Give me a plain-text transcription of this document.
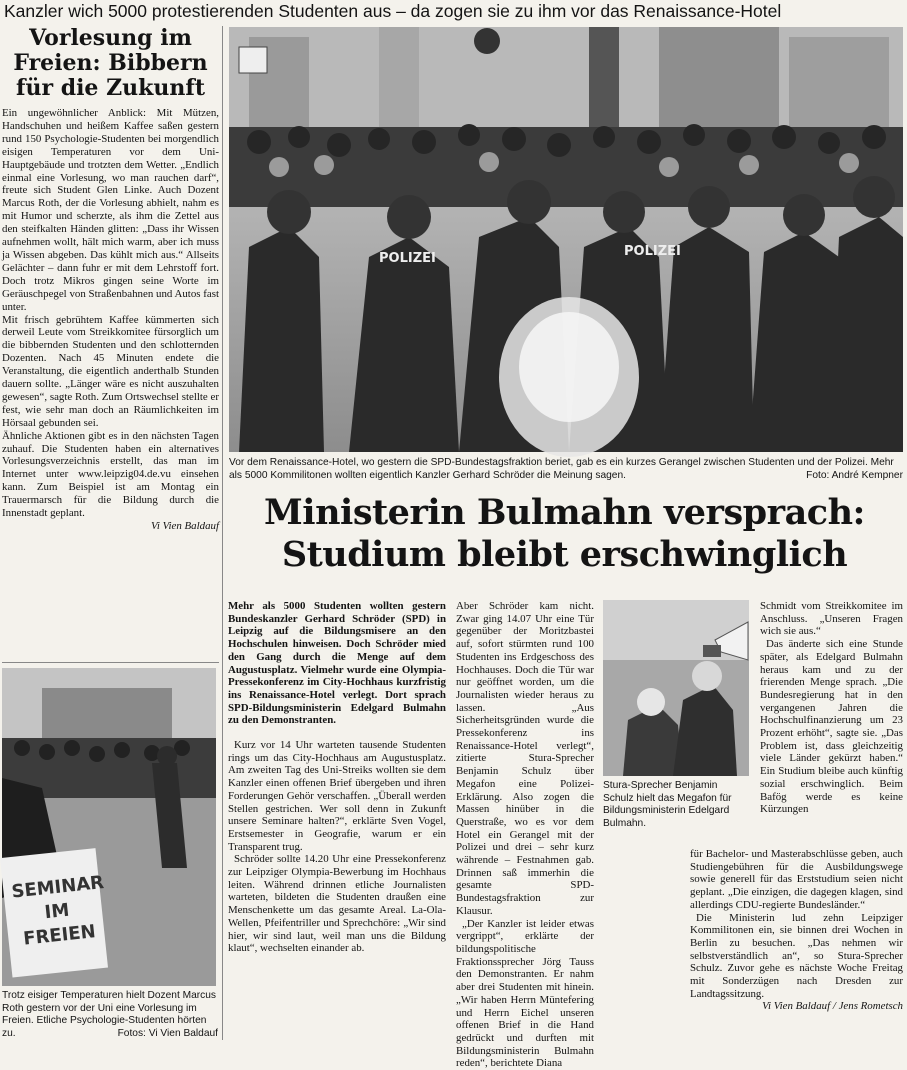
Kanzler wich 5000 protestierenden Studenten aus – da zogen sie zu ihm vor das Renaissance-Hotel
Vorlesung im Freien: Bibbern für die Zukunft

Ein ungewöhnlicher Anblick: Mit Mützen, Handschuhen und heißem Kaffee saßen gestern rund 150 Psychologie-Studenten bei morgendlich eisigen Temperaturen vor dem Uni-Hauptgebäude und trotzten dem Wetter. „Endlich einmal eine Vorlesung, wo man rauchen darf“, freute sich Student Glen Linke. Auch Dozent Marcus Roth, der die Vorlesung abhielt, nahm es mit Humor und scherzte, als ihm die Zettel aus den steifkalten Händen glitten: „Dass ihr Wissen aufnehmen wollt, hält mich warm, aber ich muss ja Wissen abgeben. Das kühlt mich aus.“ Allseits Gelächter – dann fuhr er mit dem Lehrstoff fort. Doch trotz Mikros gingen seine Worte im Geräuschpegel von Straßenbahnen und Autos fast unter.

Mit frisch gebrühtem Kaffee kümmerten sich derweil Leute vom Streikkomitee fürsorglich um die bibbernden Studenten und den schlotternden Dozenten. Nach 45 Minuten endete die Veranstaltung, die eigentlich anderthalb Stunden dauern sollte. „Länger wäre es nicht auszuhalten gewesen“, sagte Roth. Zum Ortswechsel stellte er fest, wie sehr man doch an Räumlichkeiten im Hörsaal gebunden sei.

Ähnliche Aktionen gibt es in den nächsten Tagen zuhauf. Die Studenten haben ein alternatives Vorlesungsverzeichnis erstellt, das man im Internet unter www.leipzig04.de.vu einsehen kann. Zum Beispiel ist am Montag ein Trauermarsch für die Bildung durch die Innenstadt geplant.

Vi Vien Baldauf

POLIZEI	POLIZEI
Vor dem Renaissance-Hotel, wo gestern die SPD-Bundestagsfraktion beriet, gab es ein kurzes Gerangel zwischen Studenten und der Polizei. Mehr als 5000 Kommilitonen wollten eigentlich Kanzler Gerhard Schröder die Meinung sagen.	Foto: André Kempner
SEMINAR IM FREIEN
Trotz eisiger Temperaturen hielt Dozent Marcus Roth gestern vor der Uni eine Vorlesung im Freien. Etliche Psychologie-Studenten hörten zu.	Fotos: Vi Vien Baldauf
Ministerin Bulmahn versprach:
Studium bleibt erschwinglich

Mehr als 5000 Studenten wollten gestern Bundeskanzler Gerhard Schröder (SPD) in Leipzig auf die Bildungsmisere an den Hochschulen hinweisen. Doch Schröder mied den Gang durch die Menge auf dem Augustusplatz. Vielmehr wurde eine Olympia-Pressekonferenz im City-Hochhaus kurzfristig ins Renaissance-Hotel verlegt. Dort sprach SPD-Bildungsministerin Edelgard Bulmahn zu den Demonstranten.

Kurz vor 14 Uhr warteten tausende Studenten rings um das City-Hochhaus am Augustusplatz. Am zweiten Tag des Uni-Streiks wollten sie dem Kanzler einen offenen Brief übergeben und ihren Forderungen Gehör verschaffen. „Überall werden Stellen gestrichen. Wer soll denn in Zukunft unsere Seminare halten?“, erklärte Sven Vogel, Erstsemester in Geografie, warum er ein Transparent trug.

Schröder sollte 14.20 Uhr eine Pressekonferenz zur Leipziger Olympia-Bewerbung im Hochhaus leiten. Während drinnen etliche Journalisten warteten, bildeten die Studenten draußen eine Menschenkette um das gesamte Areal. La-Ola-Wellen, Pfeifentriller und Sprechchöre: „Wir sind hier, wir sind laut, weil man uns die Bildung klaut“, wechselten einander ab.

Aber Schröder kam nicht. Zwar ging 14.07 Uhr eine Tür gegenüber der Moritzbastei auf, sofort stürmten rund 100 Studenten ins Erdgeschoss des Hochhauses. Doch die Tür war nur geöffnet worden, um die Journalisten wieder heraus zu lassen. „Aus Sicherheitsgründen wurde die Pressekonferenz ins Renaissance-Hotel verlegt“, zitierte Stura-Sprecher Benjamin Schulz über Megafon eine Polizei-Erklärung. Also zogen die Massen hinüber in die Querstraße, wo es vor dem Hotel ein Gerangel mit der Polizei und drei – sehr kurz währende – Festnahmen gab. Drinnen saß immerhin die gesamte SPD-Bundestagsfraktion zur Klausur.

„Der Kanzler ist leider etwas vergrippt“, erklärte der bildungspolitische Fraktionssprecher Jörg Tauss den Demonstranten. Er nahm aber drei Studenten mit hinein. „Wir haben Herrn Müntefering und Herrn Eichel unseren offenen Brief in die Hand gedrückt und durften mit Bildungsministerin Bulmahn reden“, berichtete Diana

Stura-Sprecher Benjamin Schulz hielt das Megafon für Bildungsministerin Edelgard Bulmahn.

Schmidt vom Streikkomitee im Anschluss. „Unseren Fragen wich sie aus.“

Das änderte sich eine Stunde später, als Edelgard Bulmahn heraus kam und zu der frierenden Menge sprach. „Die Bundesregierung hat in den vergangenen Jahren die Hochschulfinanzierung um 23 Prozent erhöht“, sagte sie. „Das Problem ist, dass gleichzeitig viele Länder gekürzt haben.“ Ein Studium bleibe auch künftig sozial erschwinglich. Beim Bafög werde es keine Kürzungen

für Bachelor- und Masterabschlüsse geben, auch Studiengebühren für die Ausbildungswege sowie generell für das Erststudium seien nicht geplant. „Die einzigen, die dagegen klagen, sind allerdings CDU-regierte Bundesländer.“

Die Ministerin lud zehn Leipziger Kommilitonen ein, sie binnen drei Wochen in Berlin zu besuchen. „Das nehmen wir selbstverständlich an“, so Stura-Sprecher Schulz. Zuvor gehe es nächste Woche Freitag mit Sonderzügen nach Dresden zur Landtagssitzung.

Vi Vien Baldauf / Jens Rometsch
